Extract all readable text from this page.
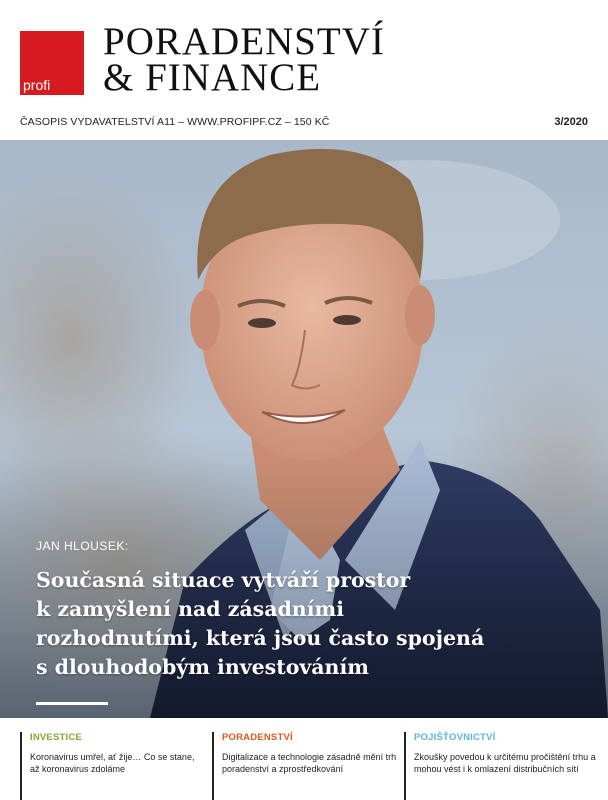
profi
PORADENSTVÍ
& FINANCE
ČASOPIS VYDAVATELSTVÍ A11 – WWW.PROFIPF.CZ – 150 KČ	3/2020
JAN HLOUSEK:
Současná situace vytváří prostor
k zamyšlení nad zásadními
rozhodnutími, která jsou často spojená
s dlouhodobým investováním
INVESTICE
Koronavirus umřel, ať žije… Co se stane, až koronavirus zdoláme
PORADENSTVÍ
Digitalizace a technologie zásadně mění trh poradenství a zprostředkování
POJIŠŤOVNICTVÍ
Zkoušky povedou k určitému pročištění trhu a mohou vést i k omlazení distribučních sítí
